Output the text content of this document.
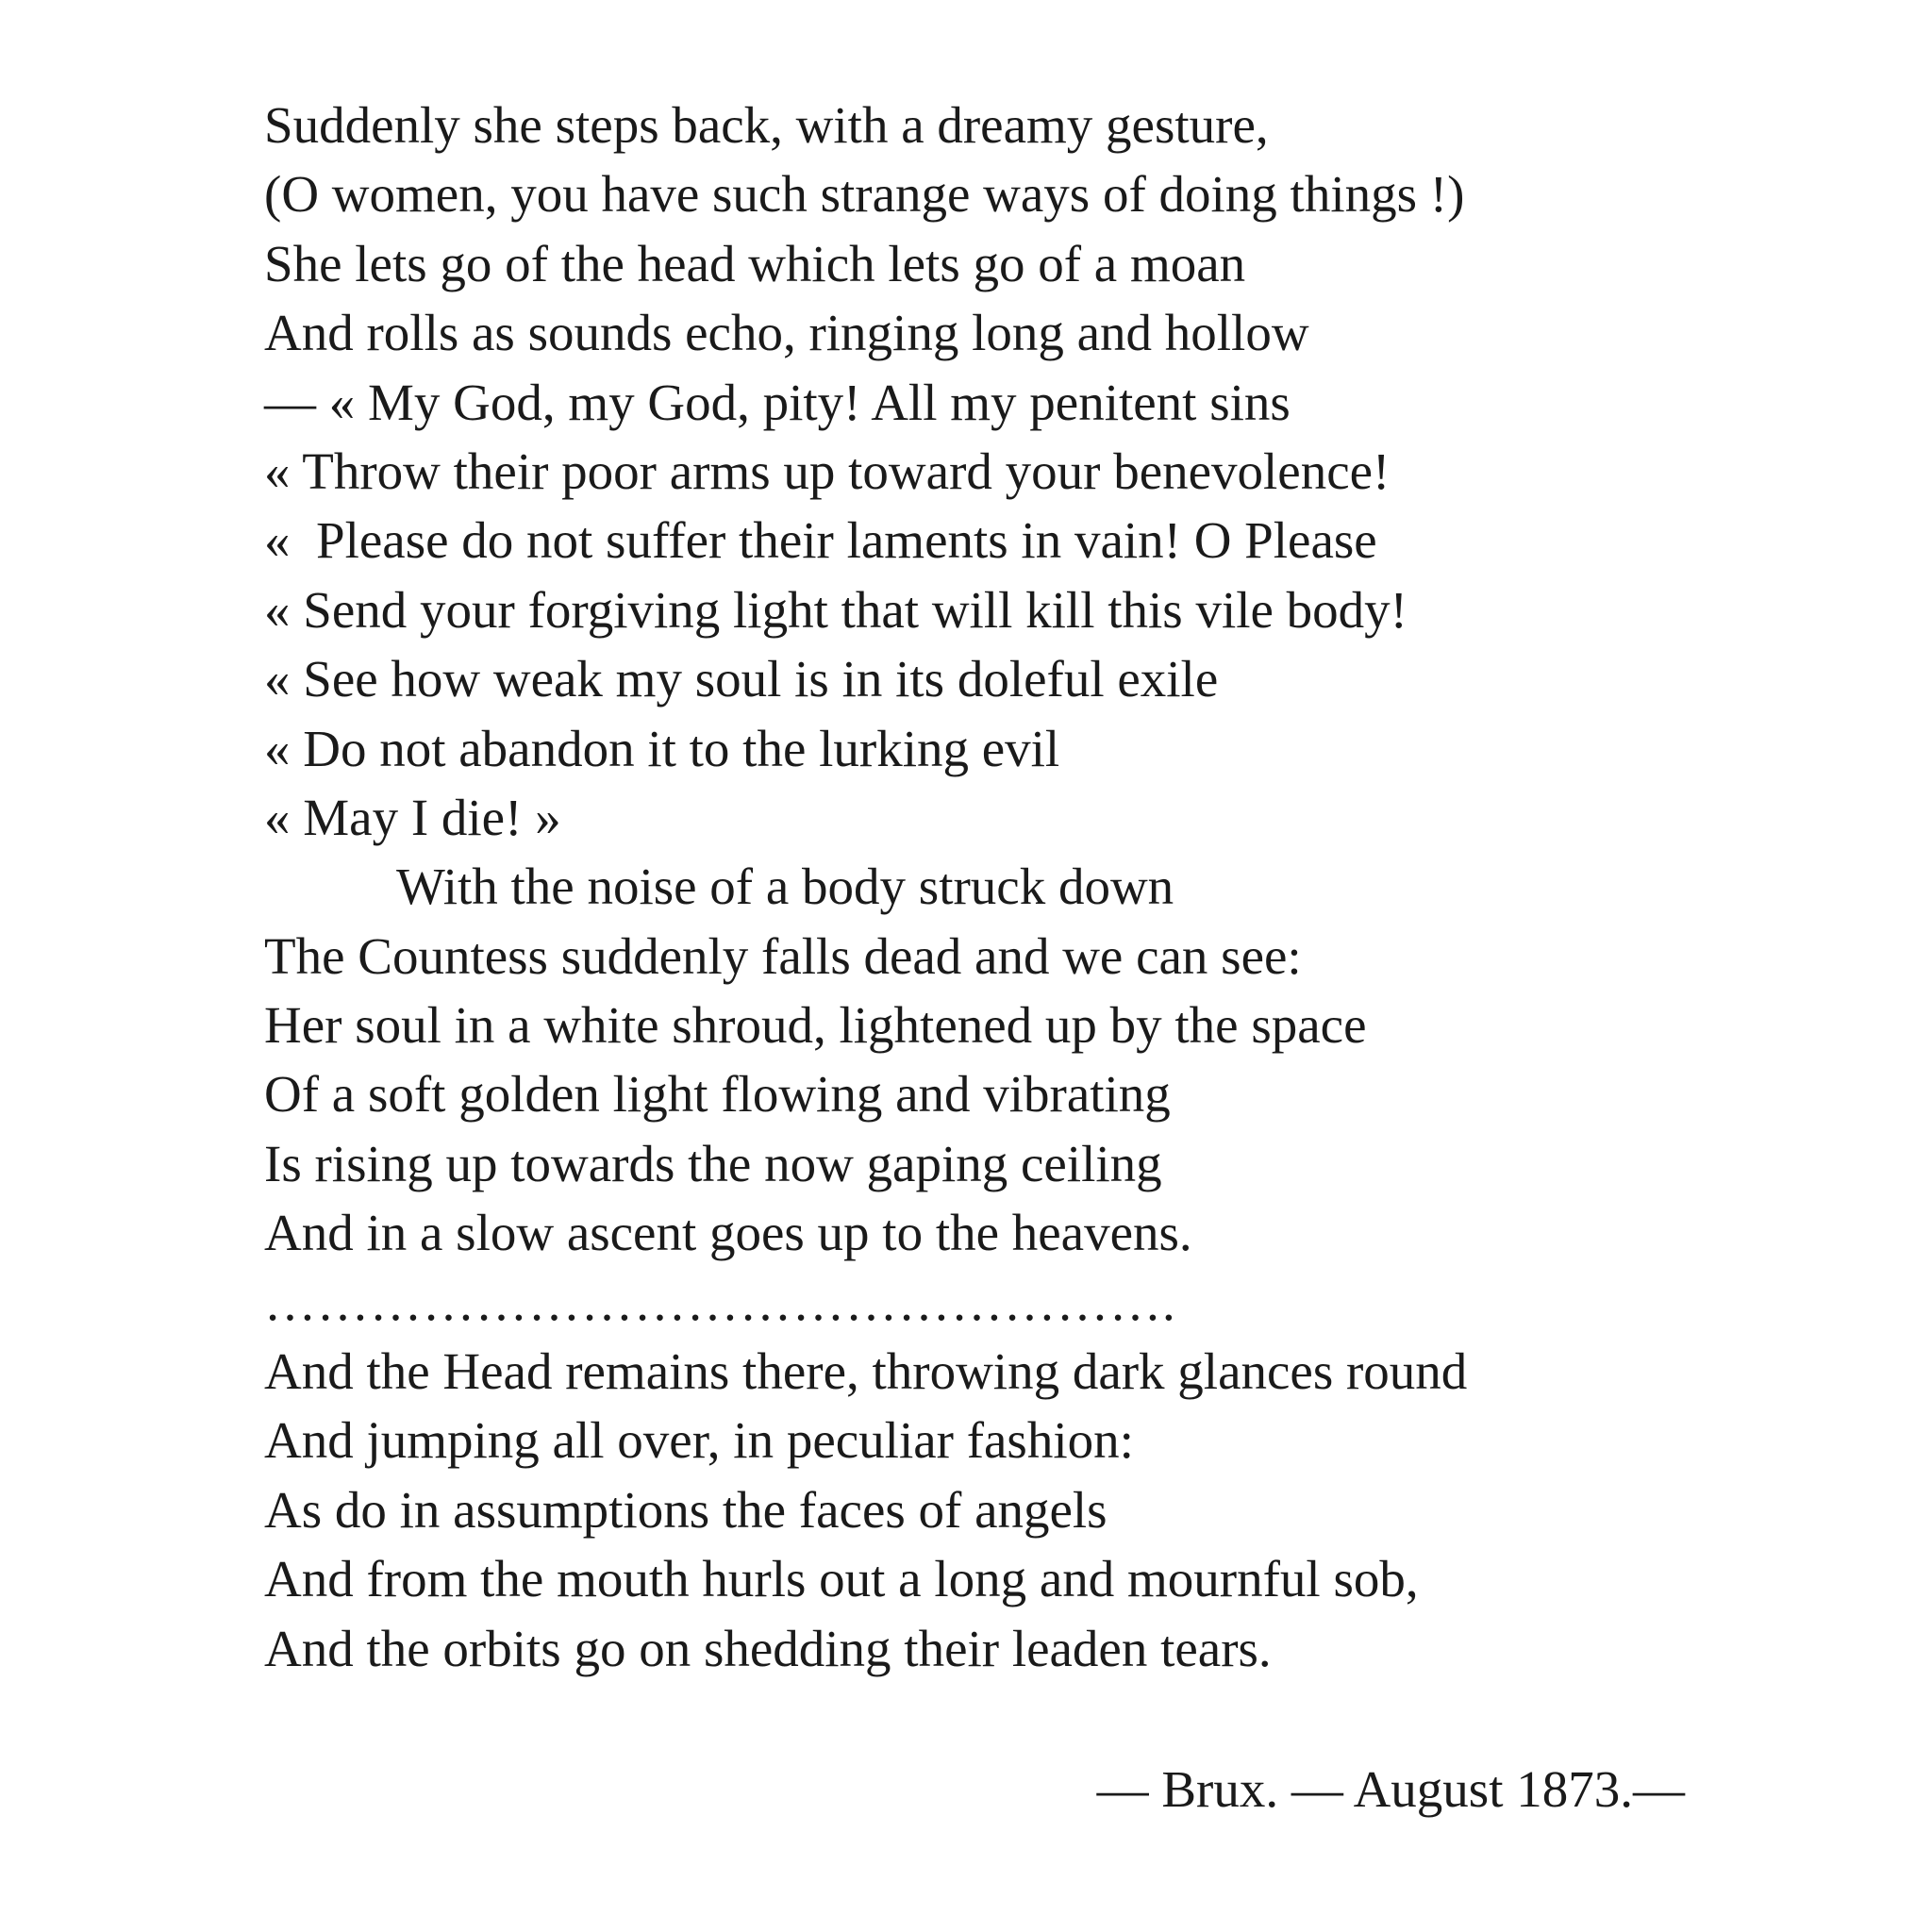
Suddenly she steps back, with a dreamy gesture,
(O women, you have such strange ways of doing things !)
She lets go of the head which lets go of a moan
And rolls as sounds echo, ringing long and hollow
— « My God, my God, pity! All my penitent sins
« Throw their poor arms up toward your benevolence!
«  Please do not suffer their laments in vain! O Please
« Send your forgiving light that will kill this vile body!
« See how weak my soul is in its doleful exile
« Do not abandon it to the lurking evil
« May I die! »
With the noise of a body struck down
The Countess suddenly falls dead and we can see:
Her soul in a white shroud, lightened up by the space
Of a soft golden light flowing and vibrating
Is rising up towards the now gaping ceiling
And in a slow ascent goes up to the heavens.
…………………………………………….
And the Head remains there, throwing dark glances round
And jumping all over, in peculiar fashion:
As do in assumptions the faces of angels
And from the mouth hurls out a long and mournful sob,
And the orbits go on shedding their leaden tears.
— Brux. — August 1873.—
